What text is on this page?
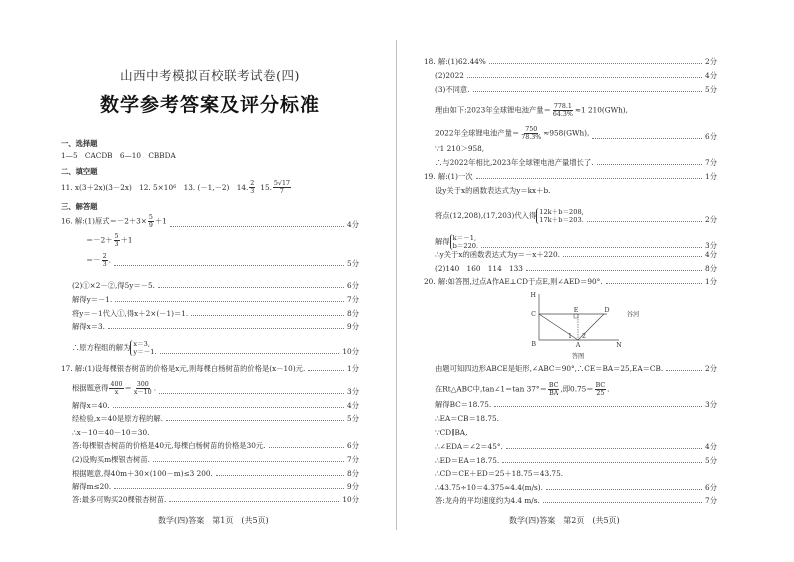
山西中考模拟百校联考试卷(四)
数学参考答案及评分标准
一、选择题
1—5　CACDB　6—10　CBBDA
二、填空题
11. x(3＋2x)(3－2x)　12. 5×10 6 　13. (－1,－2)　14. $\frac{2}{3} 15$. $\frac{5√17}{7}$
三、解答题
16. 解:(1)原式$=-2+3\times \frac{5}{9} +1$	4分
$=-2+ \frac{5}{3} +1$
＝－ $\frac{2}{3}$ .	5分
(2)①×2－②,得5y＝－5.	6分
解得y＝－1.	7分
将y＝－1代入①,得x＋2×(－1)＝1.	8分
解得x＝3.	9分
∴原方程组的解为 x＝3,
y＝－1.	10分
17. 解:(1)设每棵银杏树苗的价格是x元,则每棵白杨树苗的价格是(x－10)元.	1分
根据题意得 $\frac{400}{x} = \frac{300}{x-10}$ .	3分
解得x＝40.	4分
经检验,x＝40是原方程的解.	5分
∴x－10＝40－10＝30.
答:每棵银杏树苗的价格是40元,每棵白杨树苗的价格是30元.	6分
(2)设购买m棵银杏树苗.	7分
根据题意,得40m＋30×(100－m)≤3 200.	8分
解得m≤20.	9分
答:最多可购买20棵银杏树苗.	10分
数学(四)答案　第1页　(共5页)
18. 解:(1)62.44%	2分
(2)2022	4分
(3)不同意.	5分
理由如下:2023年全球锂电池产量＝ $\frac{778.1}{64.3\%} \approx 1$ 210(GWh),
2022年全球锂电池产量＝ $\frac{750}{78.3\%} \approx 958(GWh)$,	6分
∵1 210＞958,
∴与2022年相比,2023年全球锂电池产量增长了.	7分
19. 解:(1)一次	1分
设y关于x的函数表达式为y＝kx＋b.
将点(12,208),(17,203)代入得 12k＋b＝208,
17k＋b＝203.	2分
解得 k＝－1,
b＝220.	3分
∴y关于x的函数表达式为y＝－x＋220.	4分
(2)140　160　114　133	8分
20. 解:如答图,过点A作AE⊥CD于点E,则∠AED＝90°.	1分
H
C
E	D
B	A	N
1 2
谷河
答图
由题可知四边形ABCE是矩形,∠ABC＝90°,∴CE＝BA＝25,EA＝CB.	2分
在Rt△ABC中,tan∠1＝tan $37^\circ= \frac{BC}{BA}$ ,即$0.75= \frac{BC}{25}$ .
解得BC＝18.75.	3分
∴EA＝CB＝18.75.
∵CD∥BA,
∴∠EDA＝∠2＝45°.	4分
∴ED＝EA＝18.75.	5分
∴CD＝CE＋ED＝25＋18.75＝43.75.
∴43.75÷10＝4.375≈4.4(m/s).	6分
答:龙舟的平均速度约为4.4 m/s.	7分
数学(四)答案　第2页　(共5页)
